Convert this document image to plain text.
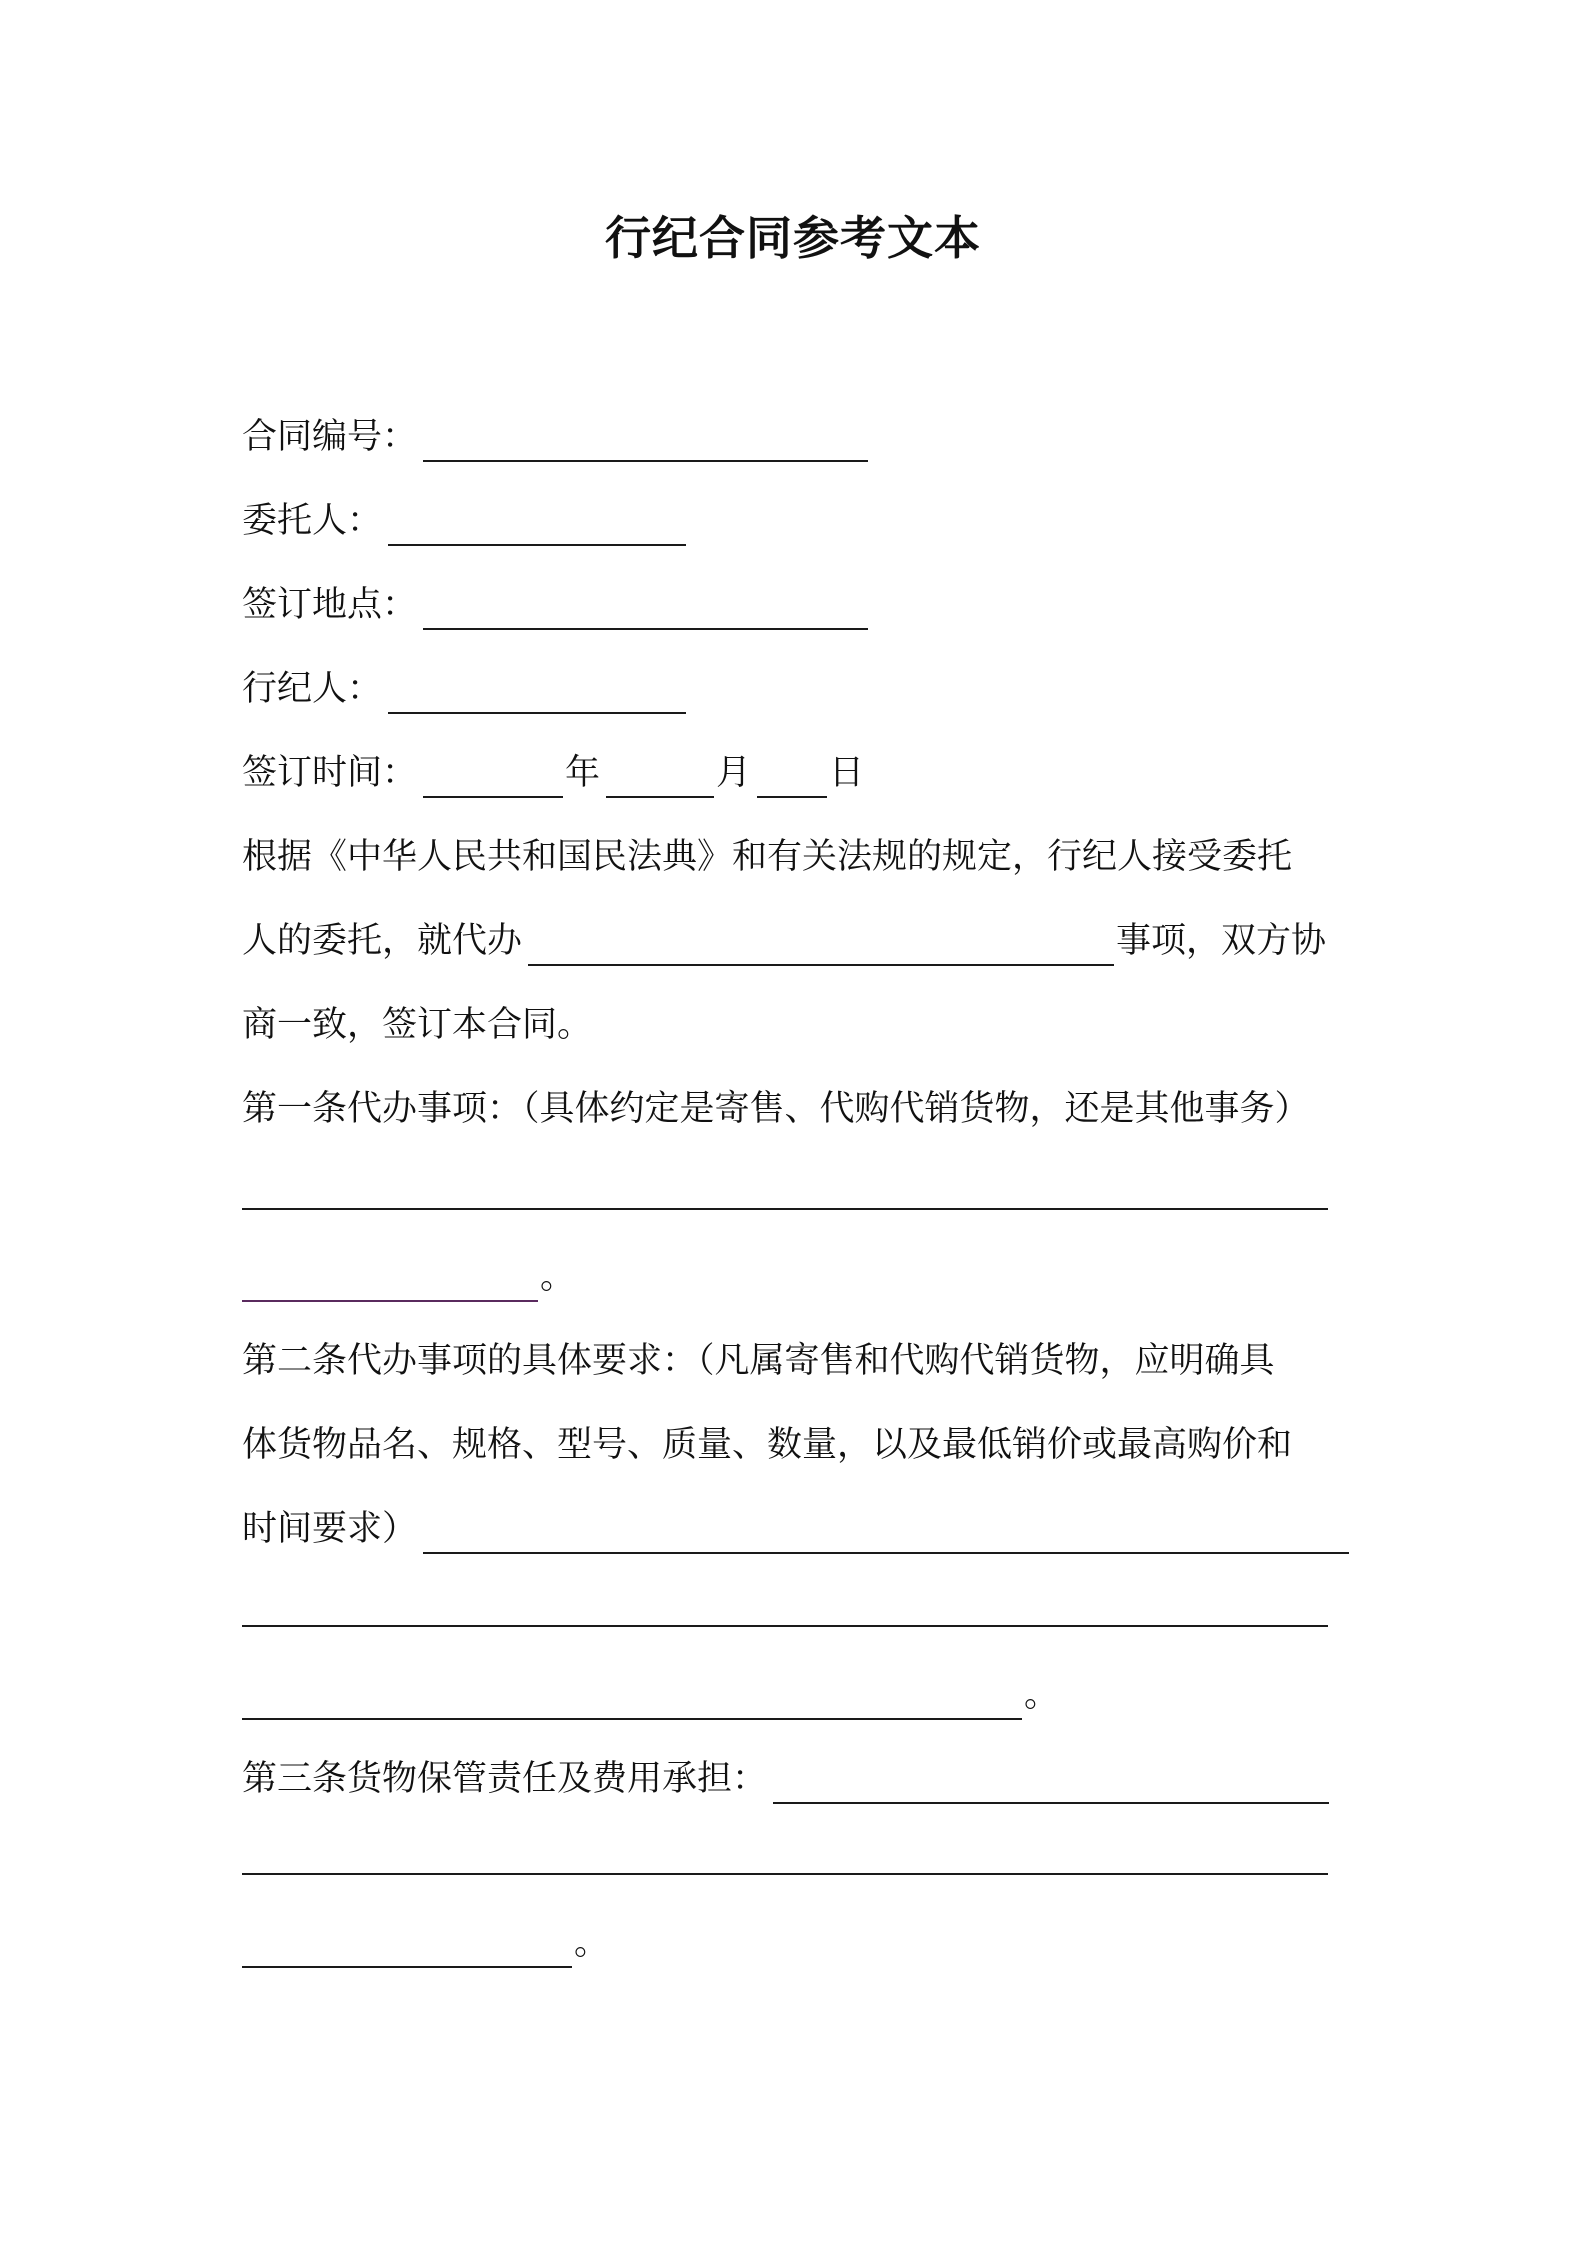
行纪合同参考文本
合同编号：
委托人：
签订地点：
行纪人：
签订时间：	年	月 日
根据《中华人民共和国民法典》和有关法规的规定，行纪人接受委托
人的委托，就代办	事项，双方协
商一致，签订本合同。
第一条代办事项：（具体约定是寄售、代购代销货物，还是其他事务）
。
第二条代办事项的具体要求：（凡属寄售和代购代销货物，应明确具
体货物品名、规格、型号、质量、数量，以及最低销价或最高购价和
时间要求）
。
第三条货物保管责任及费用承担：
。
